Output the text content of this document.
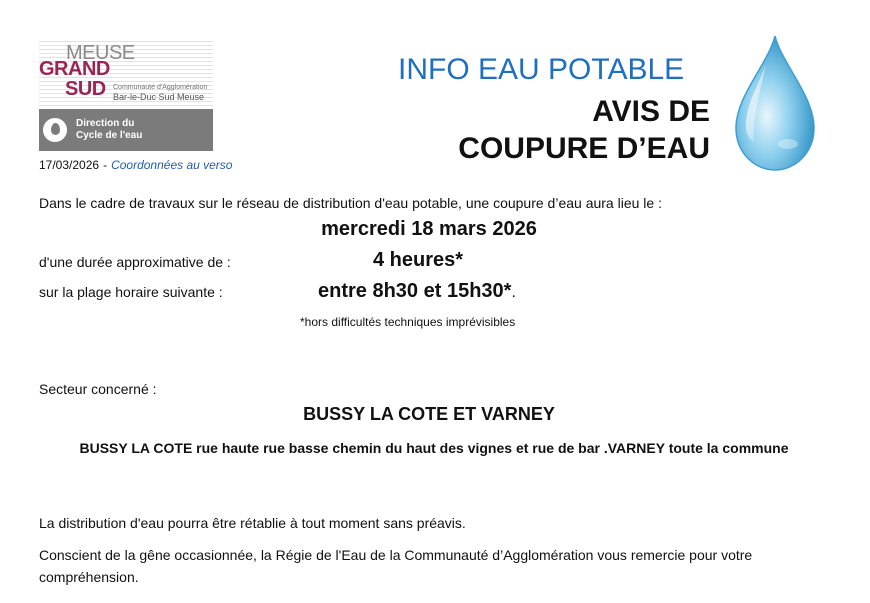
MEUSE
GRAND
SUD Communauté d'Agglomération
Bar-le-Duc Sud Meuse
Direction du
Cycle de l'eau
17/03/2026 - Coordonnées au verso
INFO EAU POTABLE
AVIS DE
COUPURE D’EAU
Dans le cadre de travaux sur le réseau de distribution d'eau potable, une coupure d’eau aura lieu le :
mercredi 18 mars 2026
d'une durée approximative de :	4 heures*
sur la plage horaire suivante :	entre 8h30 et 15h30*.
*hors difficultés techniques imprévisibles
Secteur concerné :
BUSSY LA COTE ET VARNEY
BUSSY LA COTE rue haute rue basse chemin du haut des vignes et rue de bar .VARNEY toute la commune
La distribution d'eau pourra être rétablie à tout moment sans préavis.
Conscient de la gêne occasionnée, la Régie de l'Eau de la Communauté d’Agglomération vous remercie pour votre compréhension.
